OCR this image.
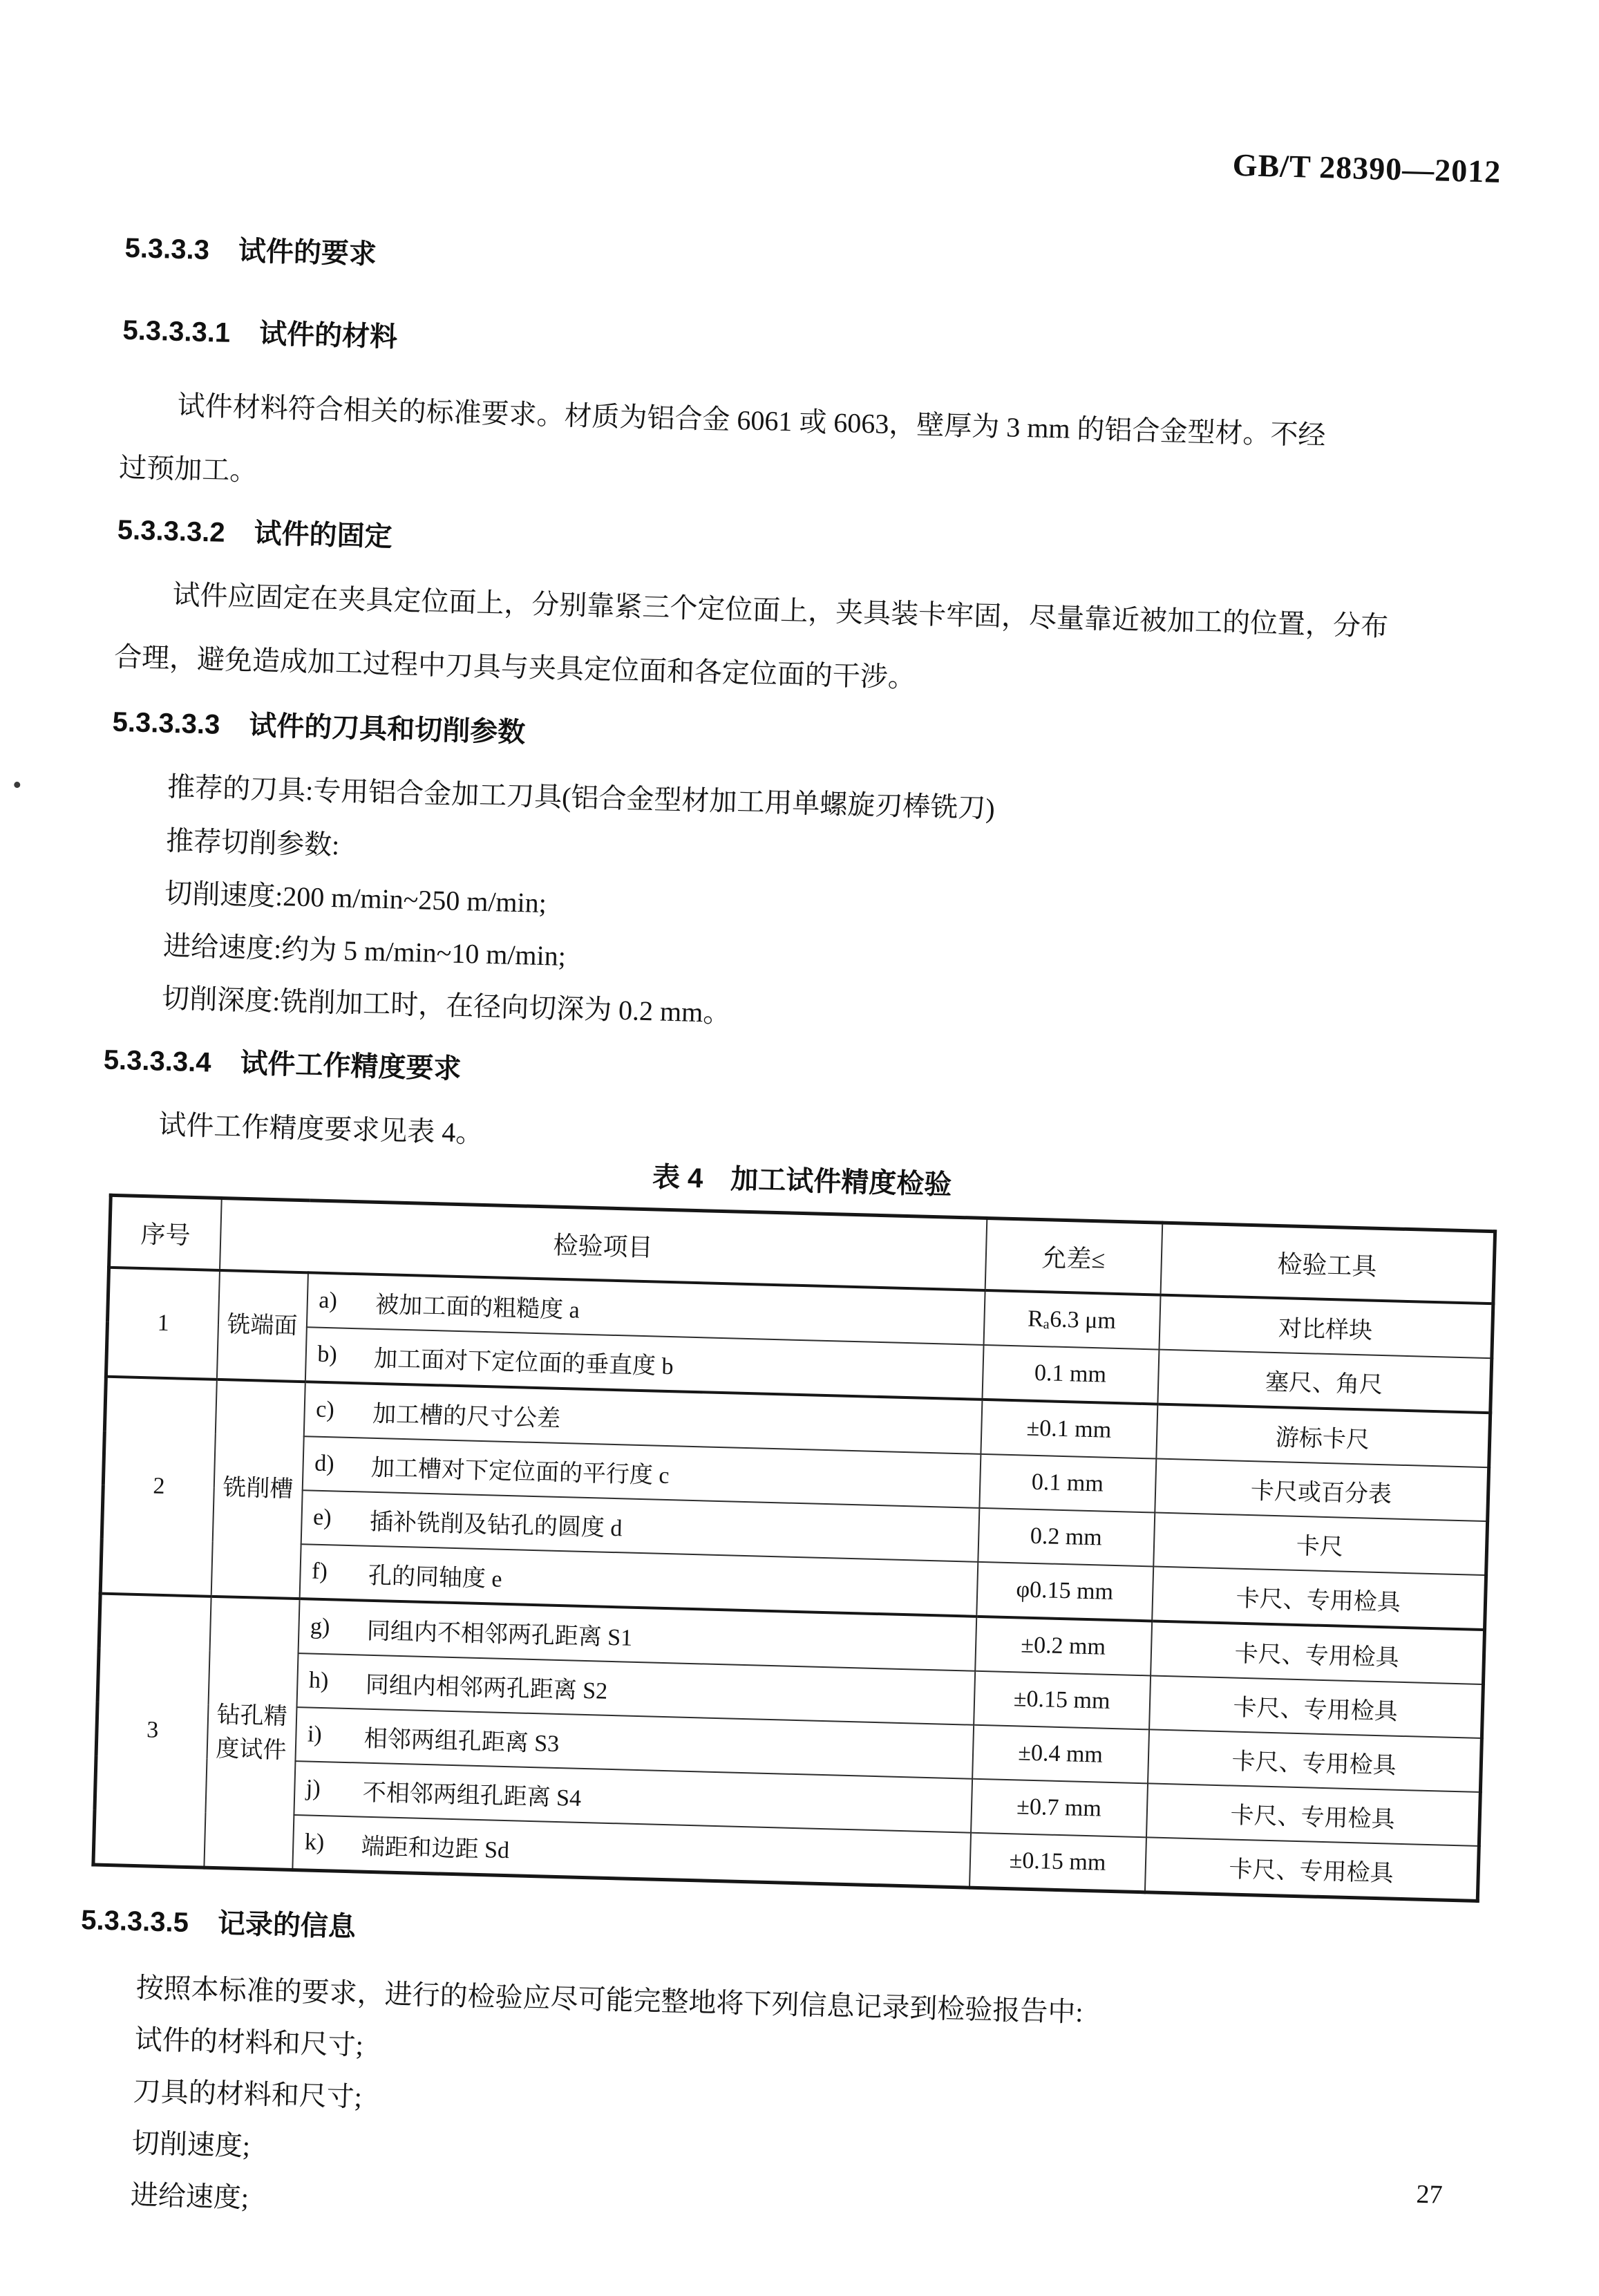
GB/T 28390—2012
5.3.3.3 试件的要求
5.3.3.3.1 试件的材料
试件材料符合相关的标准要求。材质为铝合金 6061 或 6063，壁厚为 3 mm 的铝合金型材。不经
过预加工。
5.3.3.3.2 试件的固定
试件应固定在夹具定位面上，分别靠紧三个定位面上，夹具装卡牢固，尽量靠近被加工的位置，分布
合理，避免造成加工过程中刀具与夹具定位面和各定位面的干涉。
5.3.3.3.3 试件的刀具和切削参数
推荐的刀具:专用铝合金加工刀具(铝合金型材加工用单螺旋刃棒铣刀)
推荐切削参数:
切削速度:200 m/min~250 m/min;
进给速度:约为 5 m/min~10 m/min;
切削深度:铣削加工时，在径向切深为 0.2 mm。
5.3.3.3.4 试件工作精度要求
试件工作精度要求见表 4。
表 4　加工试件精度检验
序号	检验项目		允差≤	检验工具
1	铣端面	a) 被加工面的粗糙度 a	Rₐ6.3 μm	对比样块

		b) 加工面对下定位面的垂直度 b	0.1 mm	塞尺、角尺
2	铣削槽	c) 加工槽的尺寸公差	±0.1 mm	游标卡尺

		d) 加工槽对下定位面的平行度 c	0.1 mm	卡尺或百分表

		e) 插补铣削及钻孔的圆度 d	0.2 mm	卡尺

		f) 孔的同轴度 e	φ0.15 mm	卡尺、专用检具
3	钻孔精度试件	g) 同组内不相邻两孔距离 S1	±0.2 mm	卡尺、专用检具

		h) 同组内相邻两孔距离 S2	±0.15 mm	卡尺、专用检具

		i) 相邻两组孔距离 S3	±0.4 mm	卡尺、专用检具

		j) 不相邻两组孔距离 S4	±0.7 mm	卡尺、专用检具

		k) 端距和边距 Sd	±0.15 mm	卡尺、专用检具
5.3.3.3.5 记录的信息
按照本标准的要求，进行的检验应尽可能完整地将下列信息记录到检验报告中:
试件的材料和尺寸;
刀具的材料和尺寸;
切削速度;
进给速度;	27
